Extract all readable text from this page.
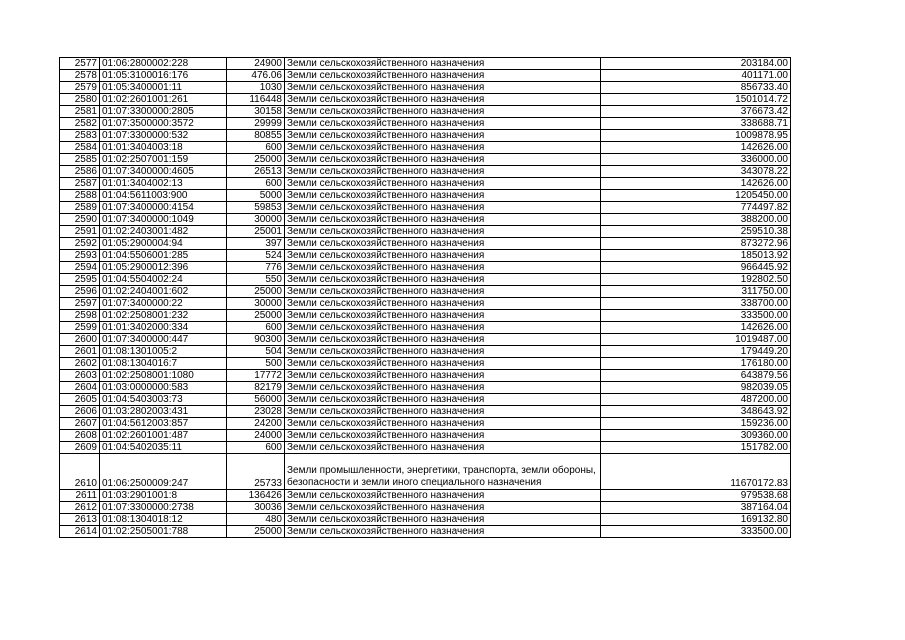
2577	01:06:2800002:228	24900	Земли сельскохозяйственного назначения	203184.00
2578	01:05:3100016:176	476.06	Земли сельскохозяйственного назначения	401171.00
2579	01:05:3400001:11	1030	Земли сельскохозяйственного назначения	856733.40
2580	01:02:2601001:261	116448	Земли сельскохозяйственного назначения	1501014.72
2581	01:07:3300000:2805	30158	Земли сельскохозяйственного назначения	376673.42
2582	01:07:3500000:3572	29999	Земли сельскохозяйственного назначения	338688.71
2583	01:07:3300000:532	80855	Земли сельскохозяйственного назначения	1009878.95
2584	01:01:3404003:18	600	Земли сельскохозяйственного назначения	142626.00
2585	01:02:2507001:159	25000	Земли сельскохозяйственного назначения	336000.00
2586	01:07:3400000:4605	26513	Земли сельскохозяйственного назначения	343078.22
2587	01:01:3404002:13	600	Земли сельскохозяйственного назначения	142626.00
2588	01:04:5611003:900	5000	Земли сельскохозяйственного назначения	1205450.00
2589	01:07:3400000:4154	59853	Земли сельскохозяйственного назначения	774497.82
2590	01:07:3400000:1049	30000	Земли сельскохозяйственного назначения	388200.00
2591	01:02:2403001:482	25001	Земли сельскохозяйственного назначения	259510.38
2592	01:05:2900004:94	397	Земли сельскохозяйственного назначения	873272.96
2593	01:04:5506001:285	524	Земли сельскохозяйственного назначения	185013.92
2594	01:05:2900012:396	776	Земли сельскохозяйственного назначения	966445.92
2595	01:04:5504002:24	550	Земли сельскохозяйственного назначения	192802.50
2596	01:02:2404001:602	25000	Земли сельскохозяйственного назначения	311750.00
2597	01:07:3400000:22	30000	Земли сельскохозяйственного назначения	338700.00
2598	01:02:2508001:232	25000	Земли сельскохозяйственного назначения	333500.00
2599	01:01:3402000:334	600	Земли сельскохозяйственного назначения	142626.00
2600	01:07:3400000:447	90300	Земли сельскохозяйственного назначения	1019487.00
2601	01:08:1301005:2	504	Земли сельскохозяйственного назначения	179449.20
2602	01:08:1304016:7	500	Земли сельскохозяйственного назначения	176180.00
2603	01:02:2508001:1080	17772	Земли сельскохозяйственного назначения	643879.56
2604	01:03:0000000:583	82179	Земли сельскохозяйственного назначения	982039.05
2605	01:04:5403003:73	56000	Земли сельскохозяйственного назначения	487200.00
2606	01:03:2802003:431	23028	Земли сельскохозяйственного назначения	348643.92
2607	01:04:5612003:857	24200	Земли сельскохозяйственного назначения	159236.00
2608	01:02:2601001:487	24000	Земли сельскохозяйственного назначения	309360.00
2609	01:04:5402035:11	600	Земли сельскохозяйственного назначения	151782.00
2610	01:06:2500009:247	25733	Земли промышленности, энергетики, транспорта, земли обороны, безопасности и земли иного специального назначения	11670172.83
2611	01:03:2901001:8	136426	Земли сельскохозяйственного назначения	979538.68
2612	01:07:3300000:2738	30036	Земли сельскохозяйственного назначения	387164.04
2613	01:08:1304018:12	480	Земли сельскохозяйственного назначения	169132.80
2614	01:02:2505001:788	25000	Земли сельскохозяйственного назначения	333500.00
